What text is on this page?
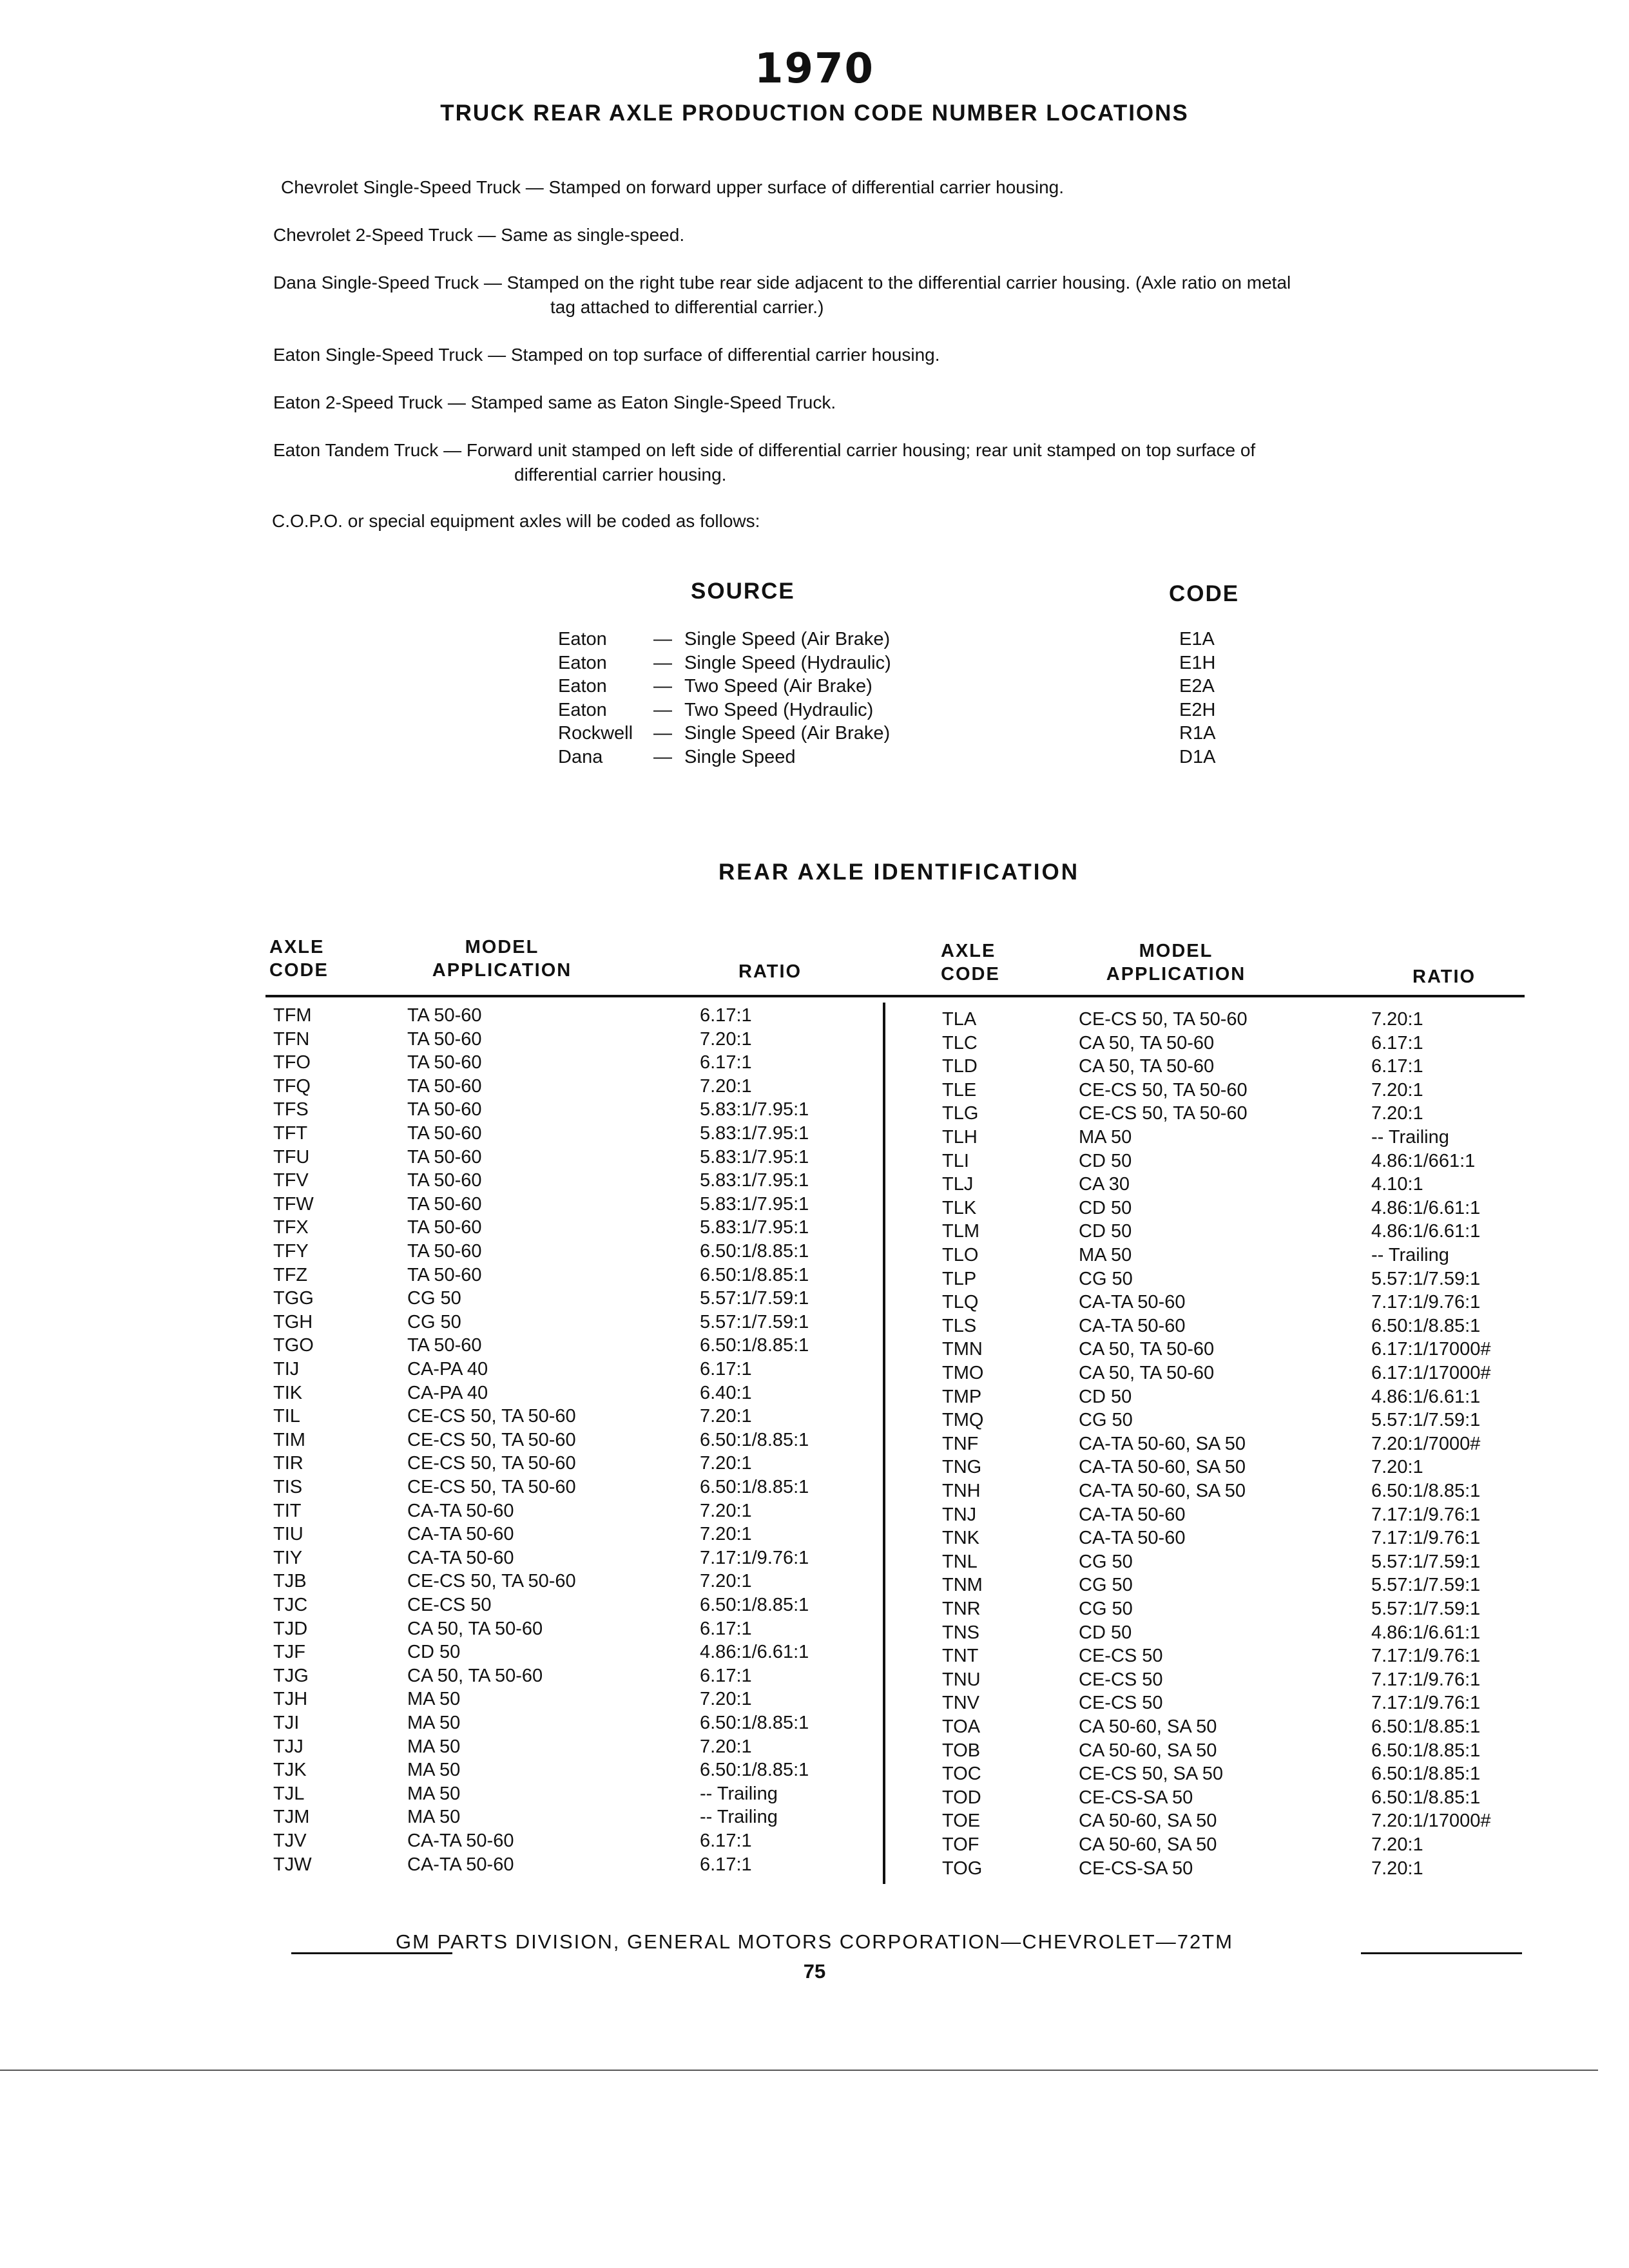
1970
TRUCK REAR AXLE PRODUCTION CODE NUMBER LOCATIONS
Chevrolet Single-Speed Truck — Stamped on forward upper surface of differential carrier housing.
Chevrolet 2-Speed Truck — Same as single-speed.
Dana Single-Speed Truck — Stamped on the right tube rear side adjacent to the differential carrier housing. (Axle ratio on metal
tag attached to differential carrier.)
Eaton Single-Speed Truck — Stamped on top surface of differential carrier housing.
Eaton 2-Speed Truck — Stamped same as Eaton Single-Speed Truck.
Eaton Tandem Truck — Forward unit stamped on left side of differential carrier housing; rear unit stamped on top surface of
differential carrier housing.
C.O.P.O. or special equipment axles will be coded as follows:
SOURCE	CODE
Eaton — Single Speed (Air Brake)	E1A
Eaton — Single Speed (Hydraulic)	E1H
Eaton — Two Speed (Air Brake)	E2A
Eaton — Two Speed (Hydraulic)	E2H
Rockwell — Single Speed (Air Brake)	R1A
Dana	— Single Speed	D1A
REAR AXLE IDENTIFICATION
AXLE
CODE
MODEL
APPLICATION	RATIO
AXLE
CODE
MODEL
APPLICATION	RATIO
TFM	TA 50-60	6.17:1
TFN	TA 50-60	7.20:1
TFO	TA 50-60	6.17:1
TFQ	TA 50-60	7.20:1
TFS	TA 50-60	5.83:1/7.95:1
TFT	TA 50-60	5.83:1/7.95:1
TFU	TA 50-60	5.83:1/7.95:1
TFV	TA 50-60	5.83:1/7.95:1
TFW	TA 50-60	5.83:1/7.95:1
TFX	TA 50-60	5.83:1/7.95:1
TFY	TA 50-60	6.50:1/8.85:1
TFZ	TA 50-60	6.50:1/8.85:1
TGG	CG 50	5.57:1/7.59:1
TGH	CG 50	5.57:1/7.59:1
TGO	TA 50-60	6.50:1/8.85:1
TIJ	CA-PA 40	6.17:1
TIK	CA-PA 40	6.40:1
TIL	CE-CS 50, TA 50-60	7.20:1
TIM	CE-CS 50, TA 50-60	6.50:1/8.85:1
TIR	CE-CS 50, TA 50-60	7.20:1
TIS	CE-CS 50, TA 50-60	6.50:1/8.85:1
TIT	CA-TA 50-60	7.20:1
TIU	CA-TA 50-60	7.20:1
TIY	CA-TA 50-60	7.17:1/9.76:1
TJB	CE-CS 50, TA 50-60	7.20:1
TJC	CE-CS 50	6.50:1/8.85:1
TJD	CA 50, TA 50-60	6.17:1
TJF	CD 50	4.86:1/6.61:1
TJG	CA 50, TA 50-60	6.17:1
TJH	MA 50	7.20:1
TJI	MA 50	6.50:1/8.85:1
TJJ	MA 50	7.20:1
TJK	MA 50	6.50:1/8.85:1
TJL	MA 50	-- Trailing
TJM	MA 50	-- Trailing
TJV	CA-TA 50-60	6.17:1
TJW	CA-TA 50-60	6.17:1
TLA	CE-CS 50, TA 50-60	7.20:1
TLC	CA 50, TA 50-60	6.17:1
TLD	CA 50, TA 50-60	6.17:1
TLE	CE-CS 50, TA 50-60	7.20:1
TLG	CE-CS 50, TA 50-60	7.20:1
TLH	MA 50	-- Trailing
TLI	CD 50	4.86:1/661:1
TLJ	CA 30	4.10:1
TLK	CD 50	4.86:1/6.61:1
TLM	CD 50	4.86:1/6.61:1
TLO	MA 50	-- Trailing
TLP	CG 50	5.57:1/7.59:1
TLQ	CA-TA 50-60	7.17:1/9.76:1
TLS	CA-TA 50-60	6.50:1/8.85:1
TMN	CA 50, TA 50-60	6.17:1/17000#
TMO	CA 50, TA 50-60	6.17:1/17000#
TMP	CD 50	4.86:1/6.61:1
TMQ	CG 50	5.57:1/7.59:1
TNF	CA-TA 50-60, SA 50	7.20:1/7000#
TNG	CA-TA 50-60, SA 50	7.20:1
TNH	CA-TA 50-60, SA 50	6.50:1/8.85:1
TNJ	CA-TA 50-60	7.17:1/9.76:1
TNK	CA-TA 50-60	7.17:1/9.76:1
TNL	CG 50	5.57:1/7.59:1
TNM	CG 50	5.57:1/7.59:1
TNR	CG 50	5.57:1/7.59:1
TNS	CD 50	4.86:1/6.61:1
TNT	CE-CS 50	7.17:1/9.76:1
TNU	CE-CS 50	7.17:1/9.76:1
TNV	CE-CS 50	7.17:1/9.76:1
TOA	CA 50-60, SA 50	6.50:1/8.85:1
TOB	CA 50-60, SA 50	6.50:1/8.85:1
TOC	CE-CS 50, SA 50	6.50:1/8.85:1
TOD	CE-CS-SA 50	6.50:1/8.85:1
TOE	CA 50-60, SA 50	7.20:1/17000#
TOF	CA 50-60, SA 50	7.20:1
TOG	CE-CS-SA 50	7.20:1
GM PARTS DIVISION, GENERAL MOTORS CORPORATION—CHEVROLET—72TM
75
